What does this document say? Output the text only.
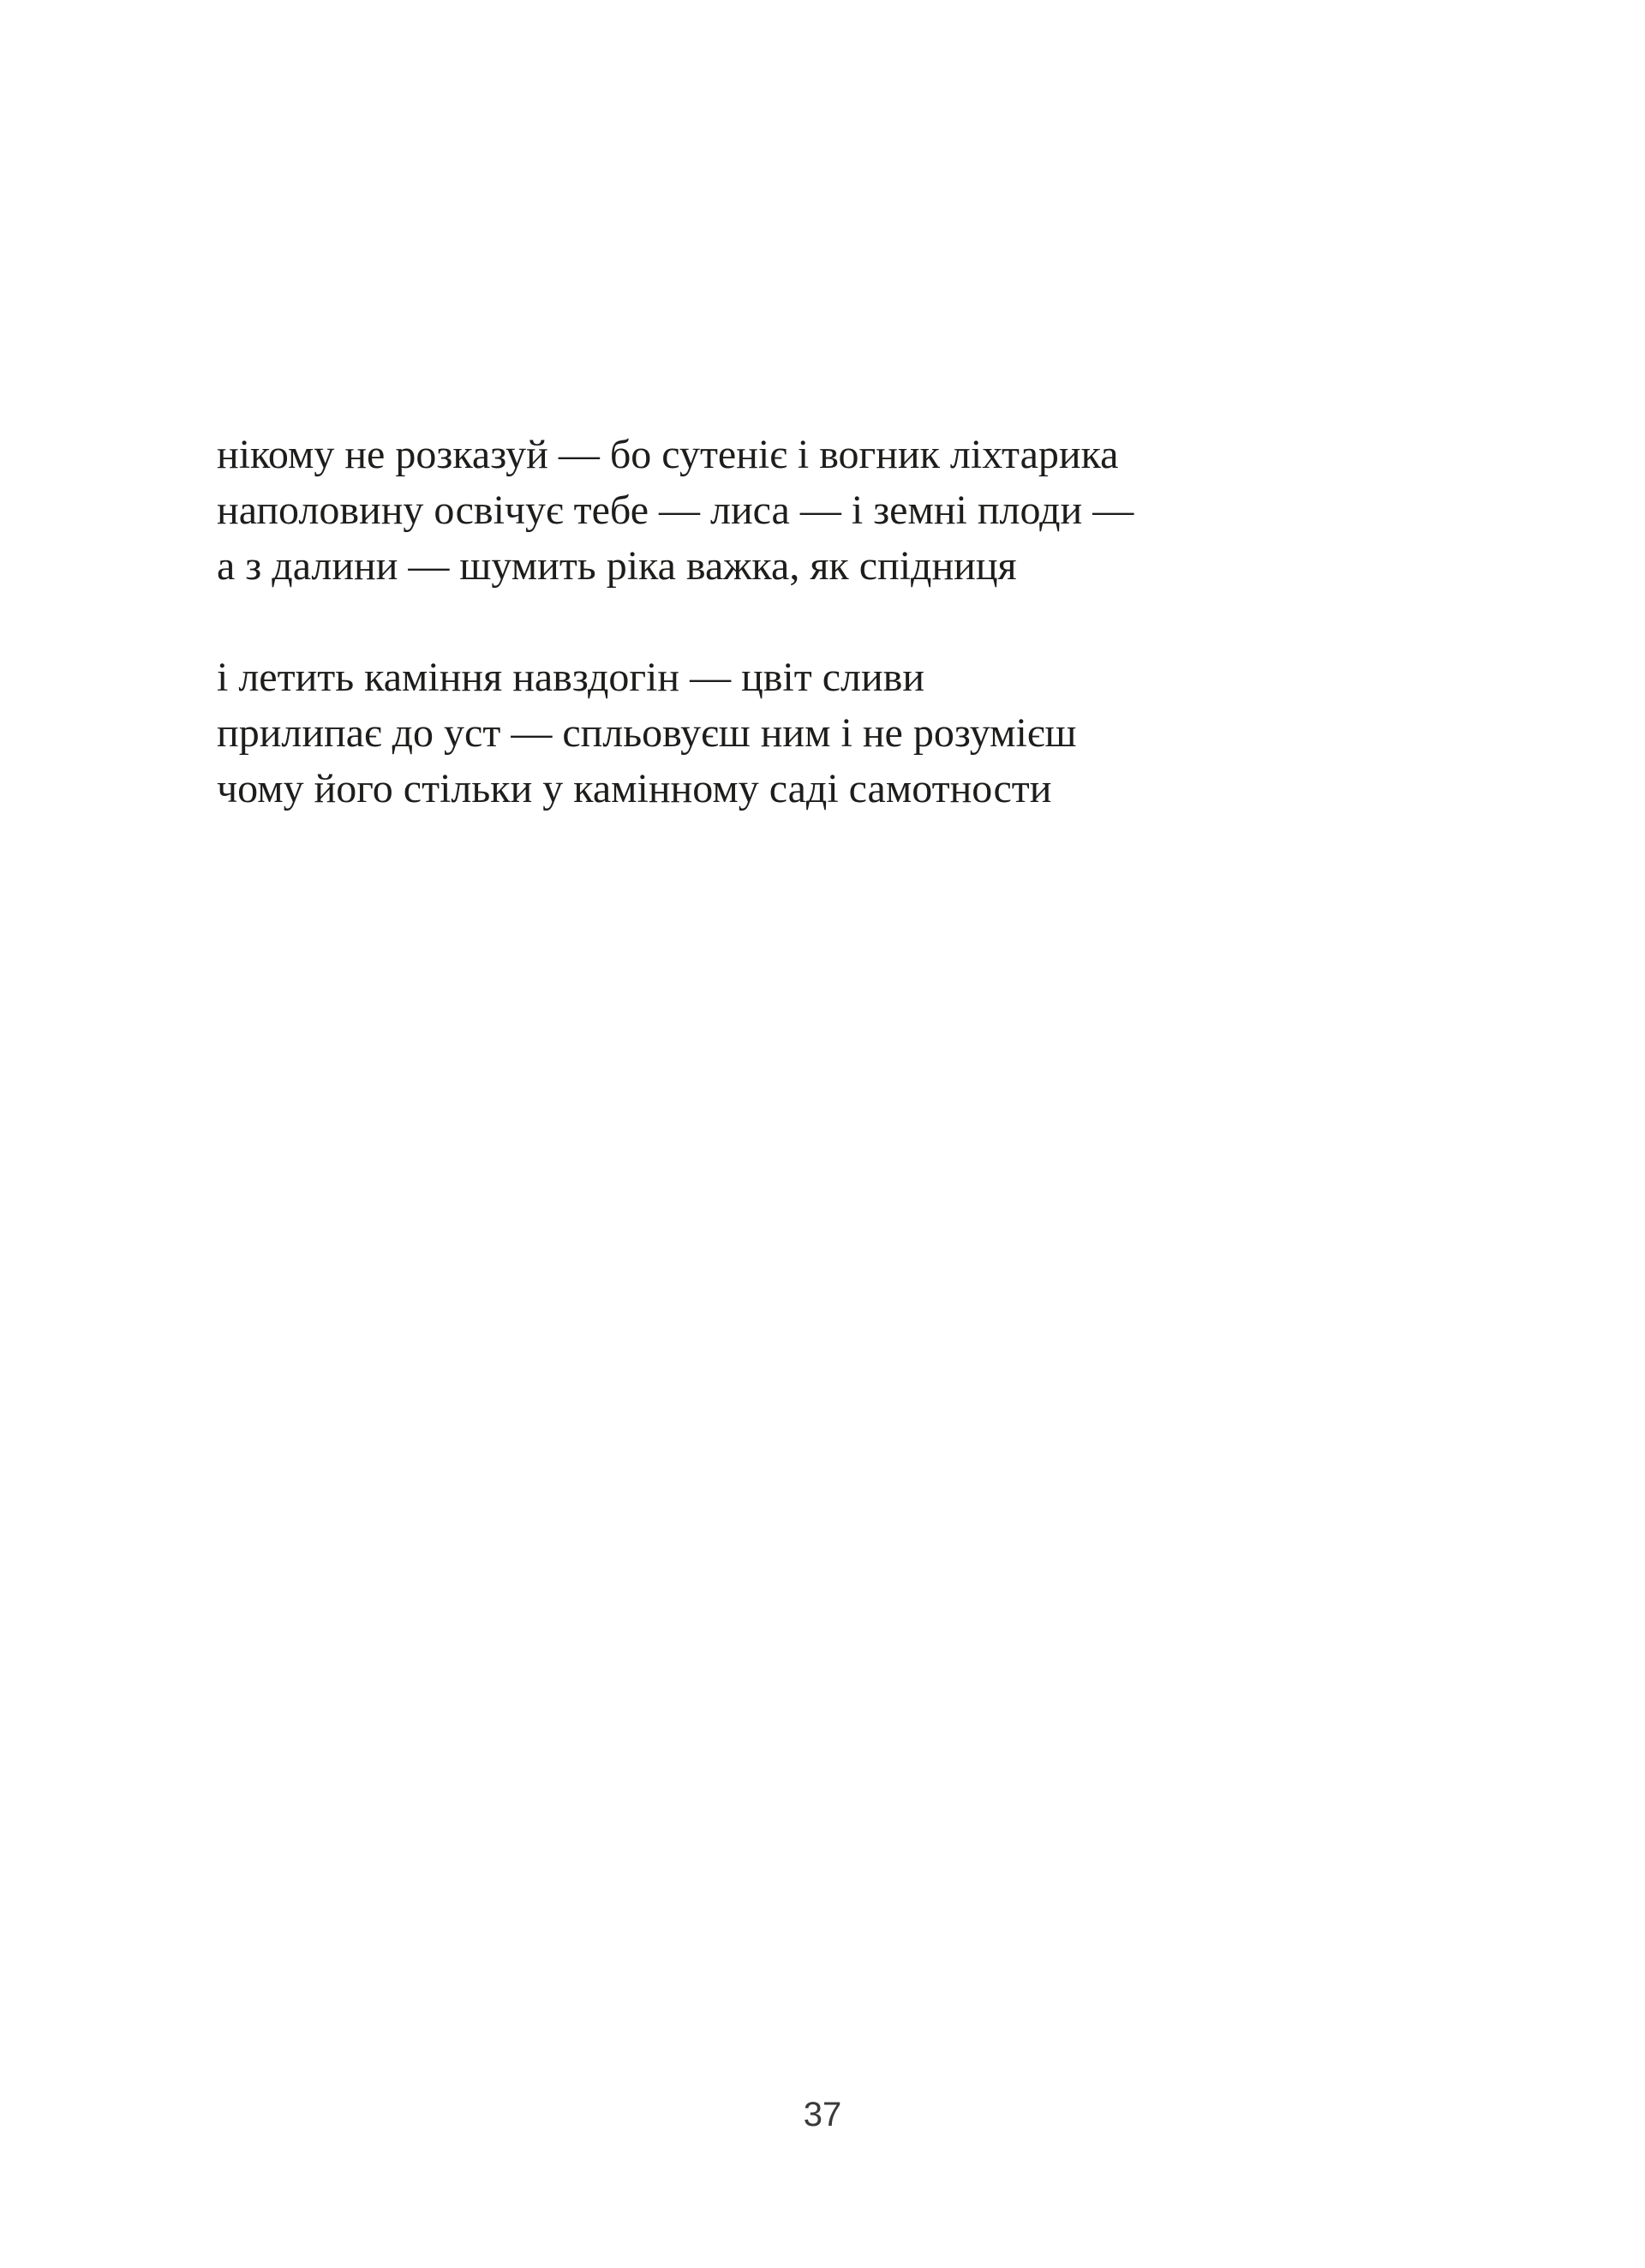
нікому не розказуй — бо сутеніє і вогник ліхтарика
наполовину освічує тебе — лиса — і земні плоди —
а з далини — шумить ріка важка, як спідниця
і летить каміння навздогін — цвіт сливи
прилипає до уст — спльовуєш ним і не розумієш
чому його стільки у камінному саді самотности
37
